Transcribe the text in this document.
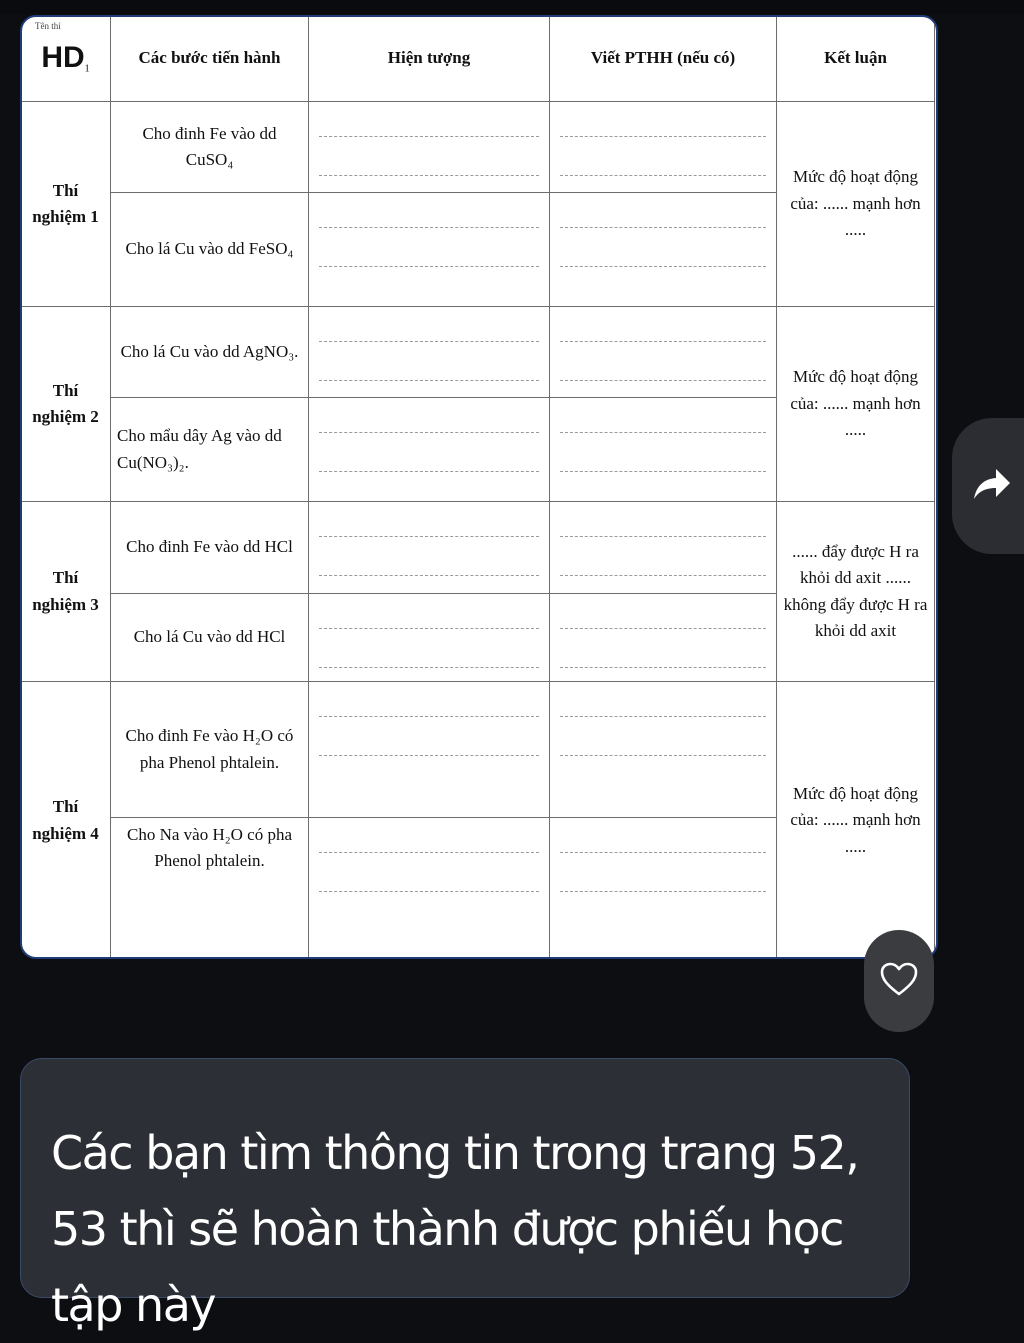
Tên thí
$HD_1$	Các bước tiến hành	Hiện tượng	Viết PTHH (nếu có)	Kết luận
Thí nghiệm 1	Cho đinh Fe vào dd CuSO₄			Mức độ hoạt động của: ...... mạnh hơn .....
	Cho lá Cu vào dd FeSO₄		

Thí nghiệm 2	Cho lá Cu vào dd AgNO₃.			Mức độ hoạt động của: ...... mạnh hơn .....
	Cho mẩu dây Ag vào dd Cu(NO₃)₂.		

Thí nghiệm 3	Cho đinh Fe vào dd HCl			...... đẩy được H ra khỏi dd axit ...... không đẩy được H ra khỏi dd axit
	Cho lá Cu vào dd HCl		

Thí nghiệm 4	Cho đinh Fe vào H₂O có pha Phenol phtalein.			Mức độ hoạt động của: ...... mạnh hơn .....
	Cho Na vào H₂O có pha Phenol phtalein.		

Các bạn tìm thông tin trong trang 52, 53 thì sẽ hoàn thành được phiếu học tập này
